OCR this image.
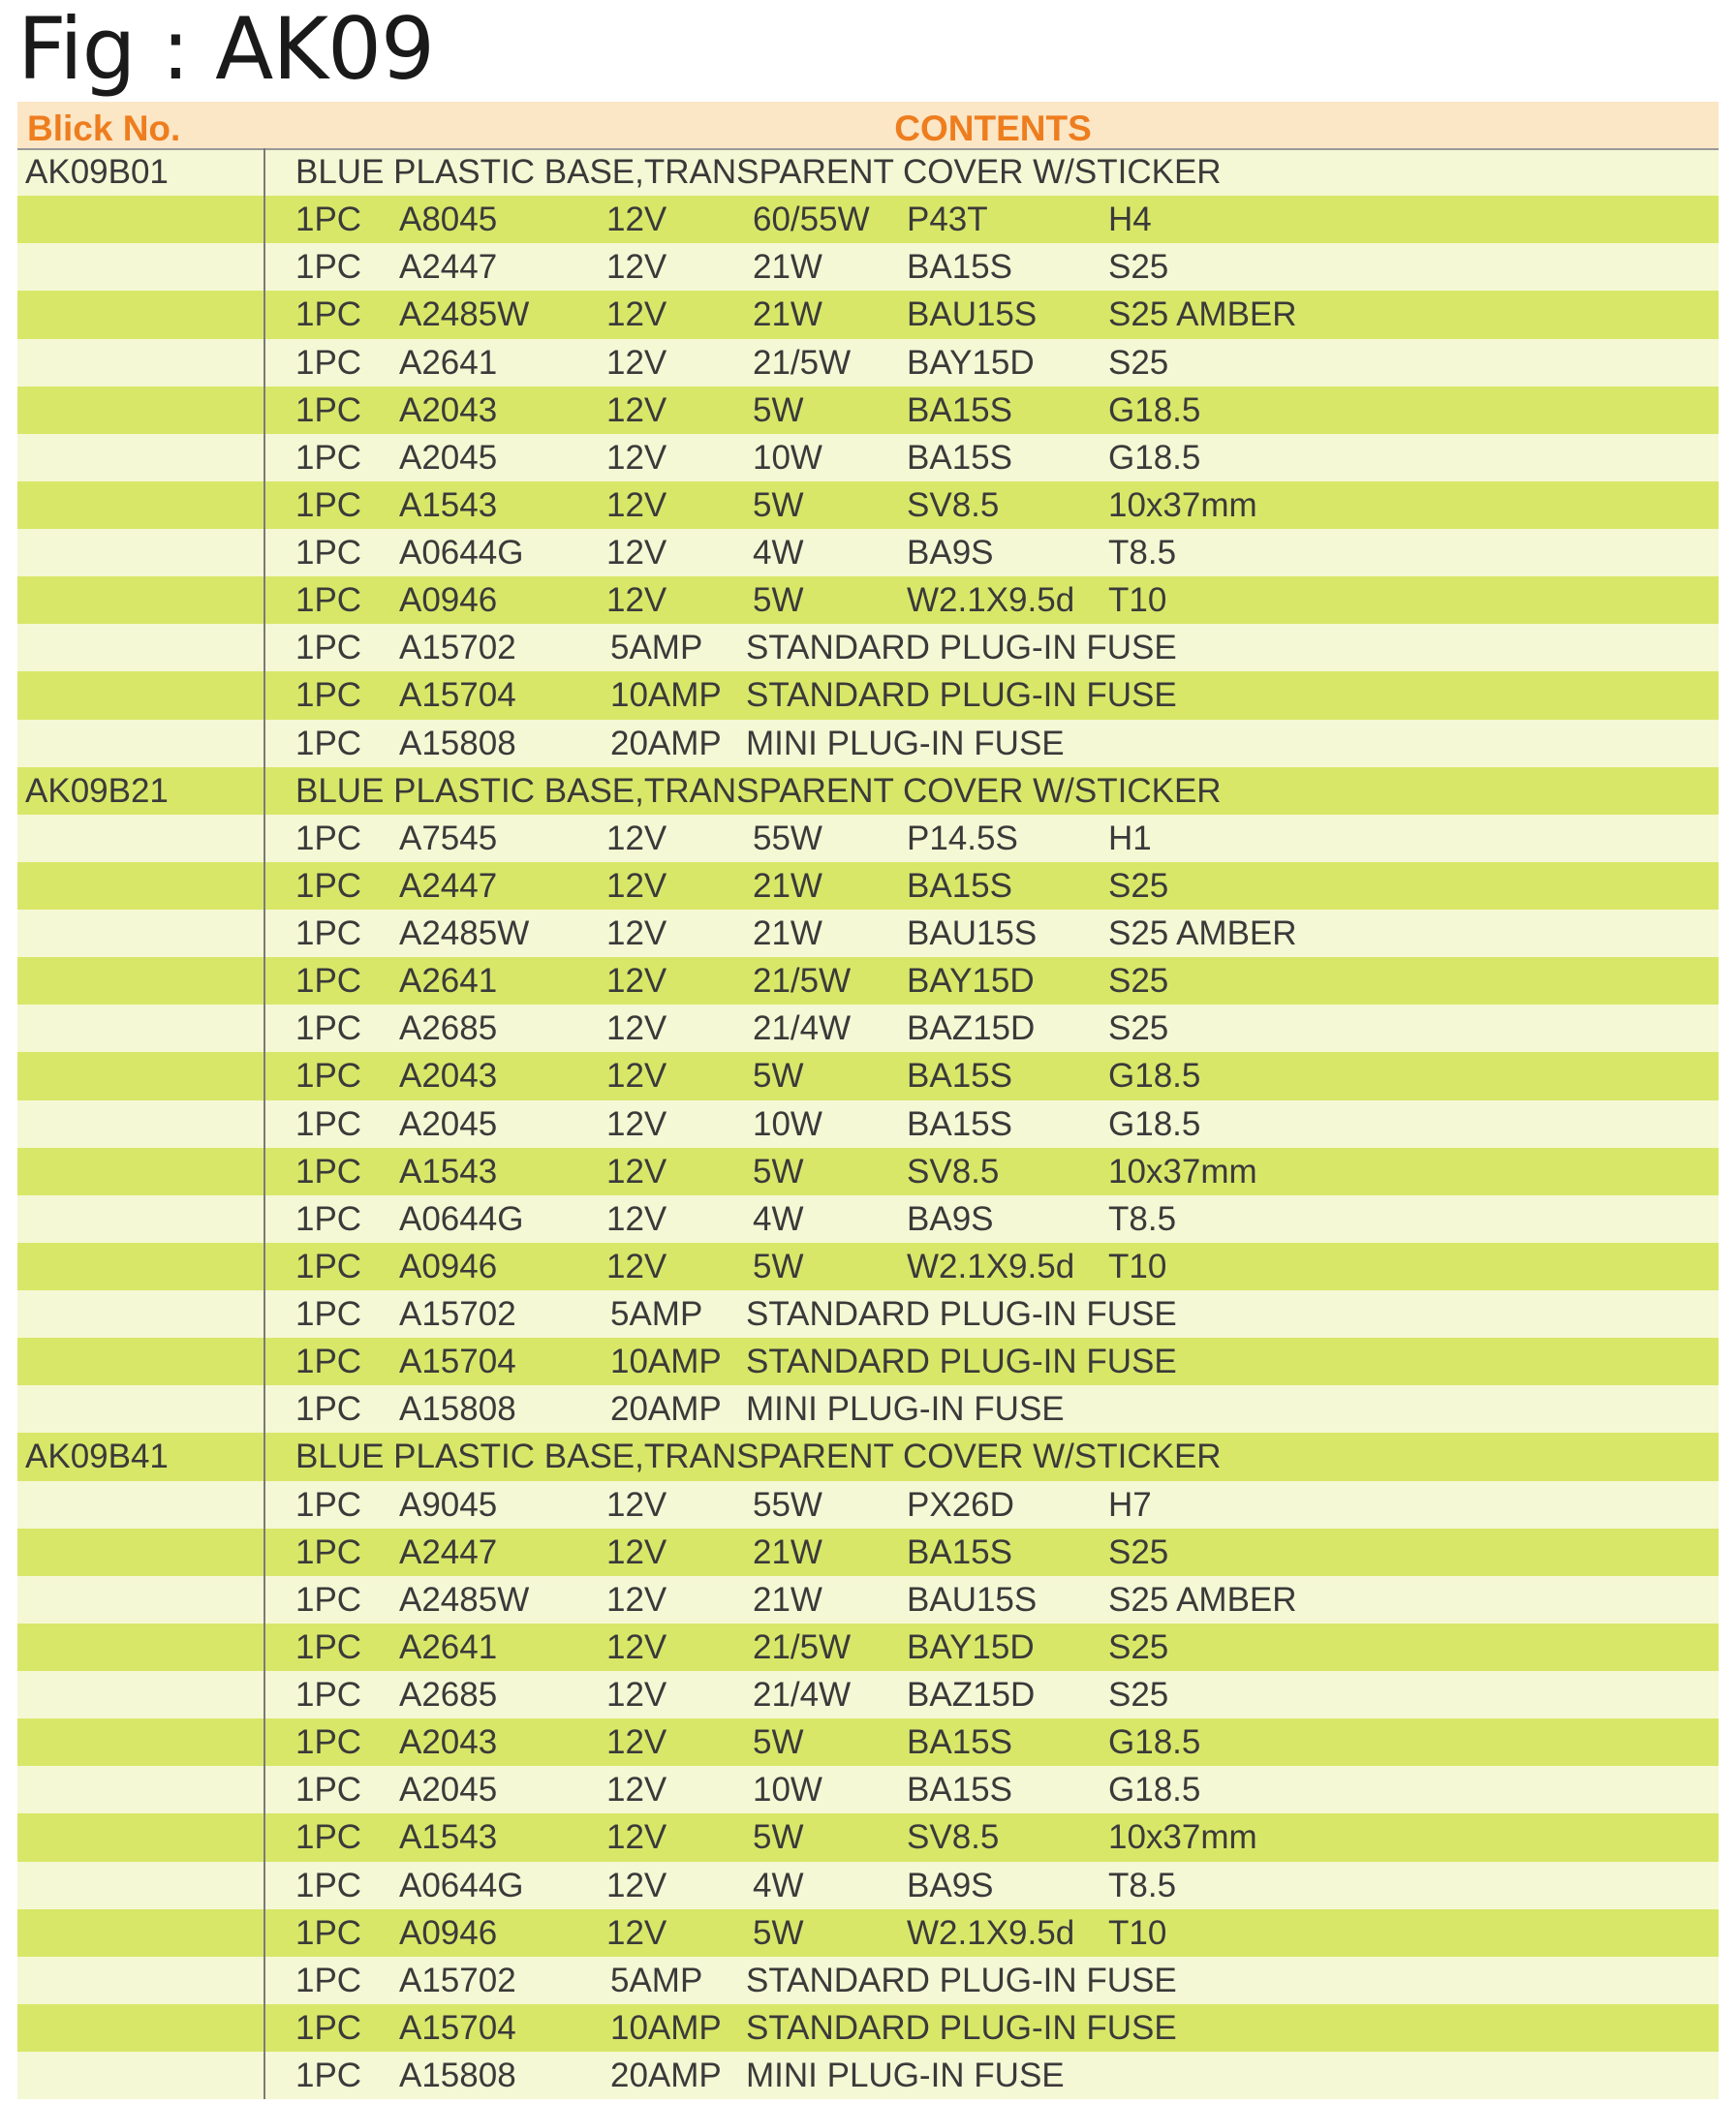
Fig : AK09
Blick No.	CONTENTS
AK09B01	BLUE PLASTIC BASE,TRANSPARENT COVER W/STICKER
1PC A8045	12V	60/55W P43T	H4
1PC A2447	12V	21W BA15S	S25
1PC A2485W 12V	21W BAU15S S25 AMBER
1PC A2641	12V	21/5W BAY15D S25
1PC A2043	12V	5W	BA15S	G18.5
1PC A2045	12V	10W BA15S	G18.5
1PC A1543	12V	5W	SV8.5	10x37mm
1PC A0644G 12V	4W	BA9S	T8.5
1PC A0946	12V	5W	W2.1X9.5d T10
1PC A15702	5AMP STANDARD PLUG-IN FUSE
1PC A15704	10AMP STANDARD PLUG-IN FUSE
1PC A15808	20AMP MINI PLUG-IN FUSE
AK09B21	BLUE PLASTIC BASE,TRANSPARENT COVER W/STICKER
1PC A7545	12V	55W P14.5S	H1
1PC A2447	12V	21W BA15S	S25
1PC A2485W 12V	21W BAU15S S25 AMBER
1PC A2641	12V	21/5W BAY15D S25
1PC A2685	12V	21/4W BAZ15D S25
1PC A2043	12V	5W	BA15S	G18.5
1PC A2045	12V	10W BA15S	G18.5
1PC A1543	12V	5W	SV8.5	10x37mm
1PC A0644G 12V	4W	BA9S	T8.5
1PC A0946	12V	5W	W2.1X9.5d T10
1PC A15702	5AMP STANDARD PLUG-IN FUSE
1PC A15704	10AMP STANDARD PLUG-IN FUSE
1PC A15808	20AMP MINI PLUG-IN FUSE
AK09B41	BLUE PLASTIC BASE,TRANSPARENT COVER W/STICKER
1PC A9045	12V	55W PX26D	H7
1PC A2447	12V	21W BA15S	S25
1PC A2485W 12V	21W BAU15S S25 AMBER
1PC A2641	12V	21/5W BAY15D S25
1PC A2685	12V	21/4W BAZ15D S25
1PC A2043	12V	5W	BA15S	G18.5
1PC A2045	12V	10W BA15S	G18.5
1PC A1543	12V	5W	SV8.5	10x37mm
1PC A0644G 12V	4W	BA9S	T8.5
1PC A0946	12V	5W	W2.1X9.5d T10
1PC A15702	5AMP STANDARD PLUG-IN FUSE
1PC A15704	10AMP STANDARD PLUG-IN FUSE
1PC A15808	20AMP MINI PLUG-IN FUSE
